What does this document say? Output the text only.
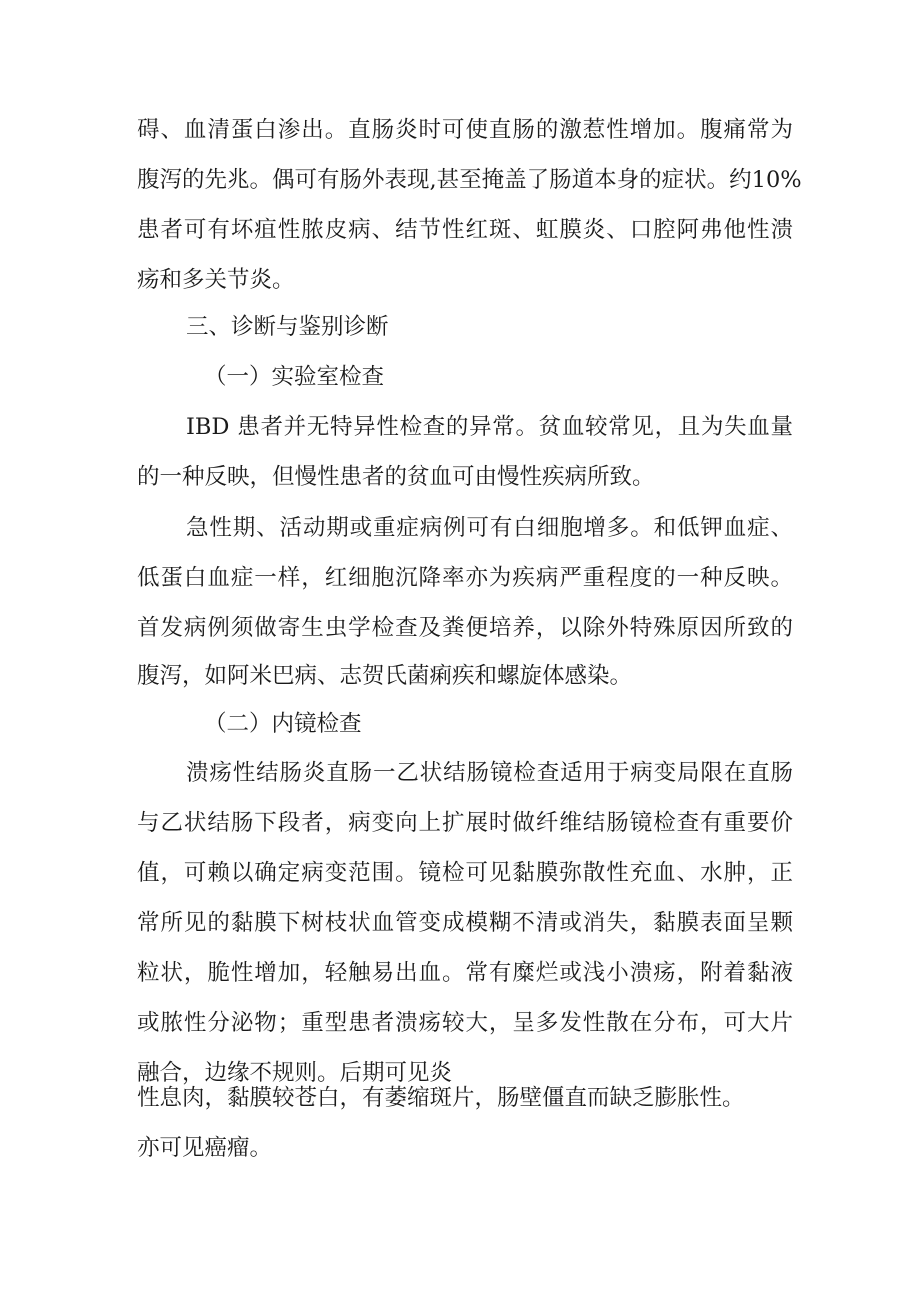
碍、血清蛋白渗出。直肠炎时可使直肠的激惹性增加。腹痛常为
腹泻的先兆。偶可有肠外表现,甚至掩盖了肠道本身的症状。约10%
患者可有坏疽性脓皮病、结节性红斑、虹膜炎、口腔阿弗他性溃
疡和多关节炎。
三、诊断与鉴别诊断
（一）实验室检查
IBD 患者并无特异性检查的异常。贫血较常见，且为失血量
的一种反映，但慢性患者的贫血可由慢性疾病所致。
急性期、活动期或重症病例可有白细胞增多。和低钾血症、
低蛋白血症一样，红细胞沉降率亦为疾病严重程度的一种反映。
首发病例须做寄生虫学检查及粪便培养，以除外特殊原因所致的
腹泻，如阿米巴病、志贺氏菌痢疾和螺旋体感染。
（二）内镜检查
溃疡性结肠炎直肠一乙状结肠镜检查适用于病变局限在直肠
与乙状结肠下段者，病变向上扩展时做纤维结肠镜检查有重要价
值，可赖以确定病变范围。镜检可见黏膜弥散性充血、水肿，正
常所见的黏膜下树枝状血管变成模糊不清或消失，黏膜表面呈颗
粒状，脆性增加，轻触易出血。常有糜烂或浅小溃疡，附着黏液
或脓性分泌物；重型患者溃疡较大，呈多发性散在分布，可大片
融合，边缘不规则。后期可见炎
性息肉，黏膜较苍白，有萎缩斑片，肠壁僵直而缺乏膨胀性。
亦可见癌瘤。
